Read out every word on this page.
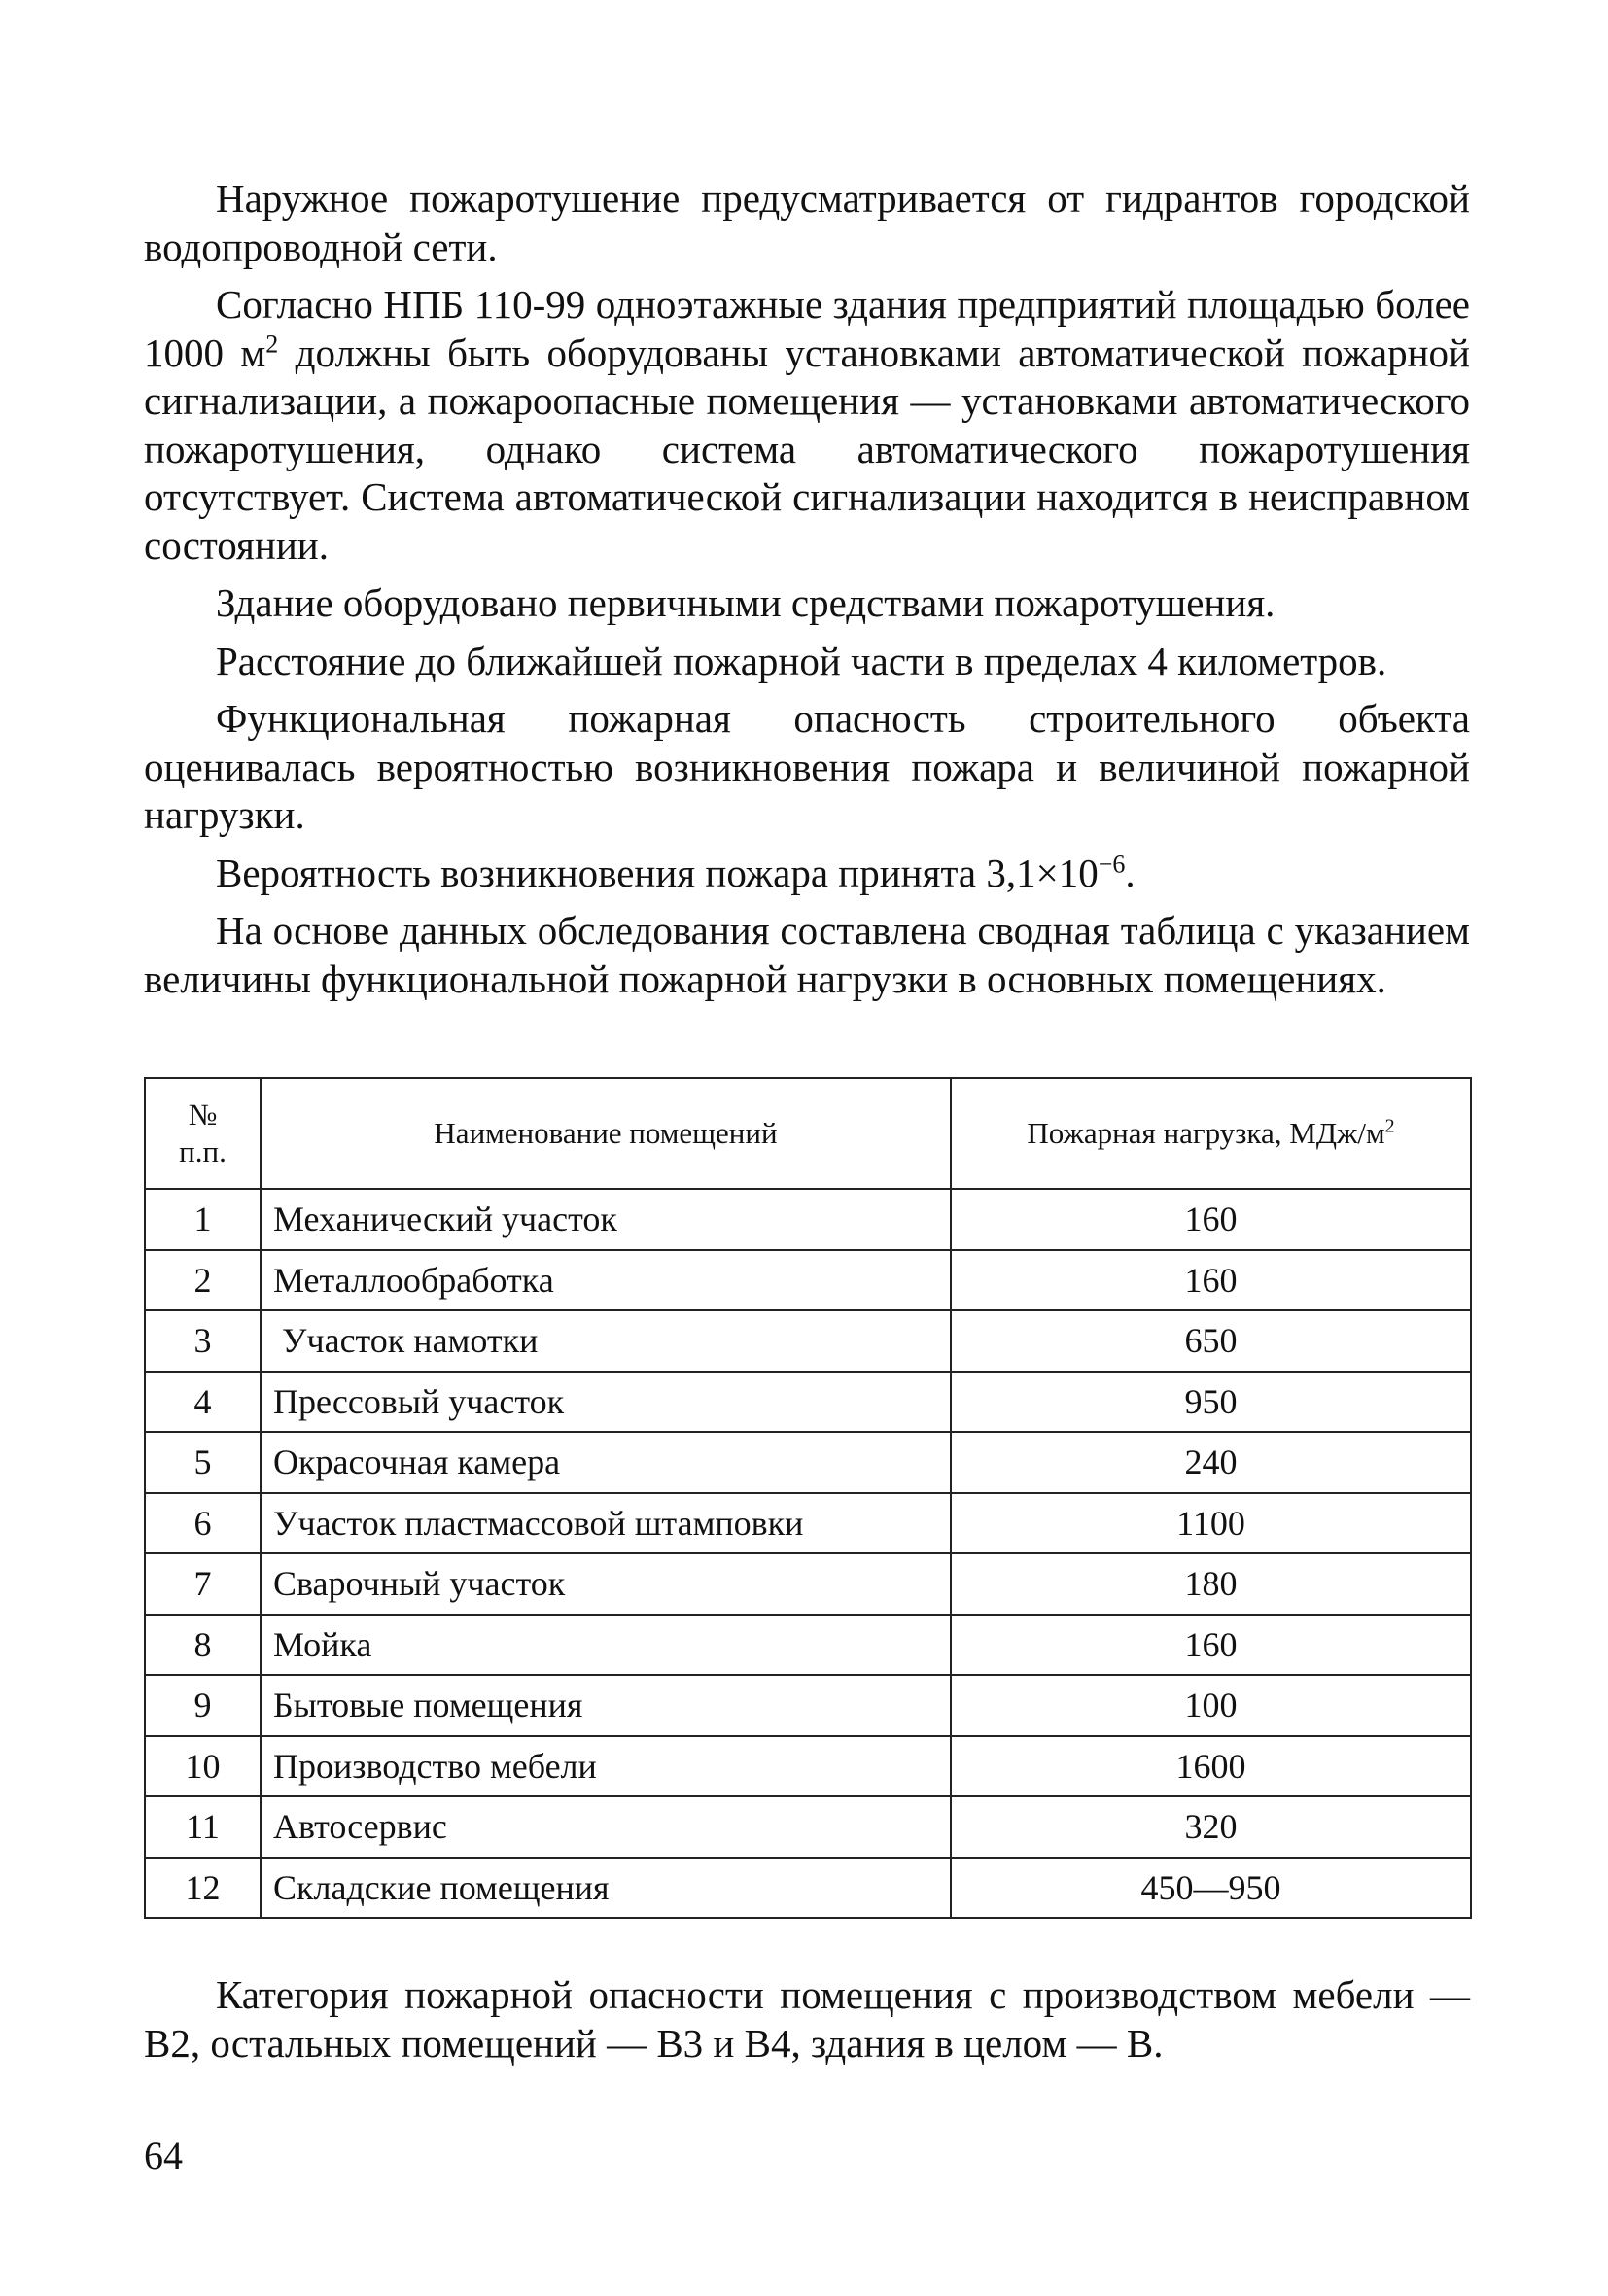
Наружное пожаротушение предусматривается от гидрантов городской водопроводной сети.

Согласно НПБ 110-99 одноэтажные здания предприятий площадью более 1000 $м^2$ должны быть оборудованы установками автоматической пожарной сигнализации, а пожароопасные помещения — установками автоматического пожаротушения, однако система автоматического пожаротушения отсутствует. Система автоматической сигнализации находится в неисправном состоянии.

Здание оборудовано первичными средствами пожаротушения.

Расстояние до ближайшей пожарной части в пределах 4 километров.

Функциональная пожарная опасность строительного объекта оценивалась вероятностью возникновения пожара и величиной пожарной нагрузки.

Вероятность возникновения пожара принята $3,1\times 10^{-6}$.

На основе данных обследования составлена сводная таблица с указанием величины функциональной пожарной нагрузки в основных помещениях.

№
п.п.	Наименование помещений	Пожарная нагрузка, МДж/$м^2$
1	Механический участок	160
2	Металлообработка	160
3	Участок намотки	650
4	Прессовый участок	950
5	Окрасочная камера	240
6	Участок пластмассовой штамповки	1100
7	Сварочный участок	180
8	Мойка	160
9	Бытовые помещения	100
10	Производство мебели	1600
11	Автосервис	320
12	Складские помещения	450—950

Категория пожарной опасности помещения с производством мебели — В2, остальных помещений — В3 и В4, здания в целом — В.

64
